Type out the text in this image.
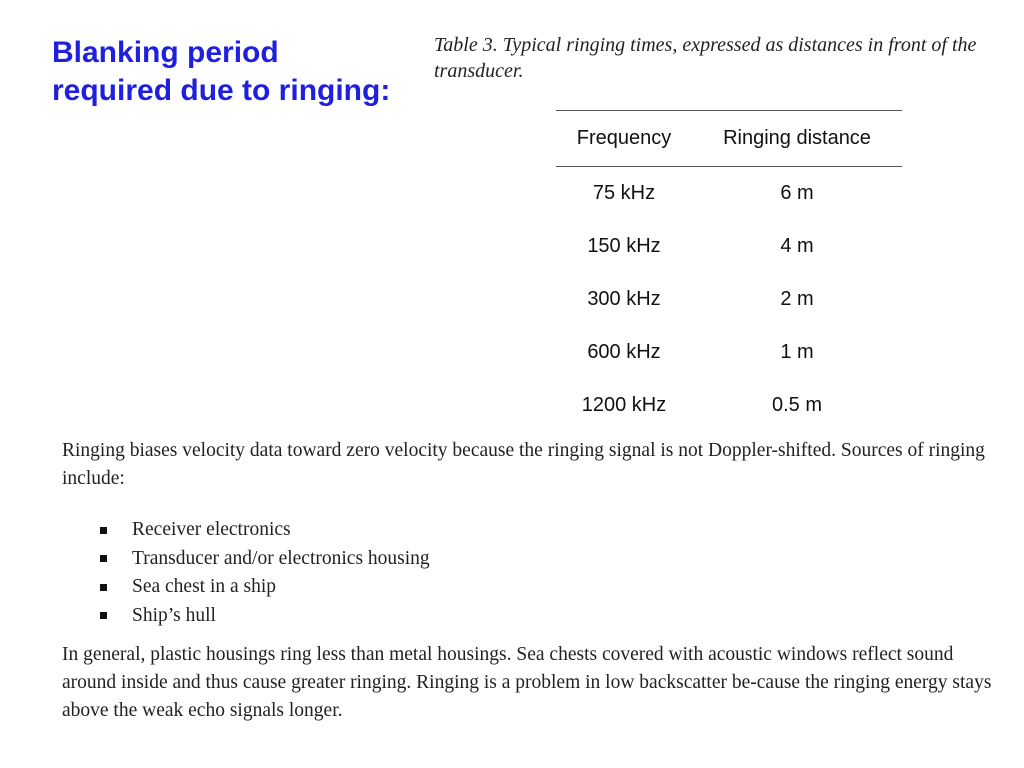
Blanking period required due to ringing:

Table 3. Typical ringing times, expressed as distances in front of the transducer.

Frequency	Ringing distance
75 kHz	6 m
150 kHz	4 m
300 kHz	2 m
600 kHz	1 m
1200 kHz	0.5 m

Ringing biases velocity data toward zero velocity because the ringing signal is not Doppler-shifted. Sources of ringing include:

Receiver electronics
Transducer and/or electronics housing
Sea chest in a ship
Ship’s hull

In general, plastic housings ring less than metal housings. Sea chests covered with acoustic windows reflect sound around inside and thus cause greater ringing. Ringing is a problem in low backscatter be-cause the ringing energy stays above the weak echo signals longer.
